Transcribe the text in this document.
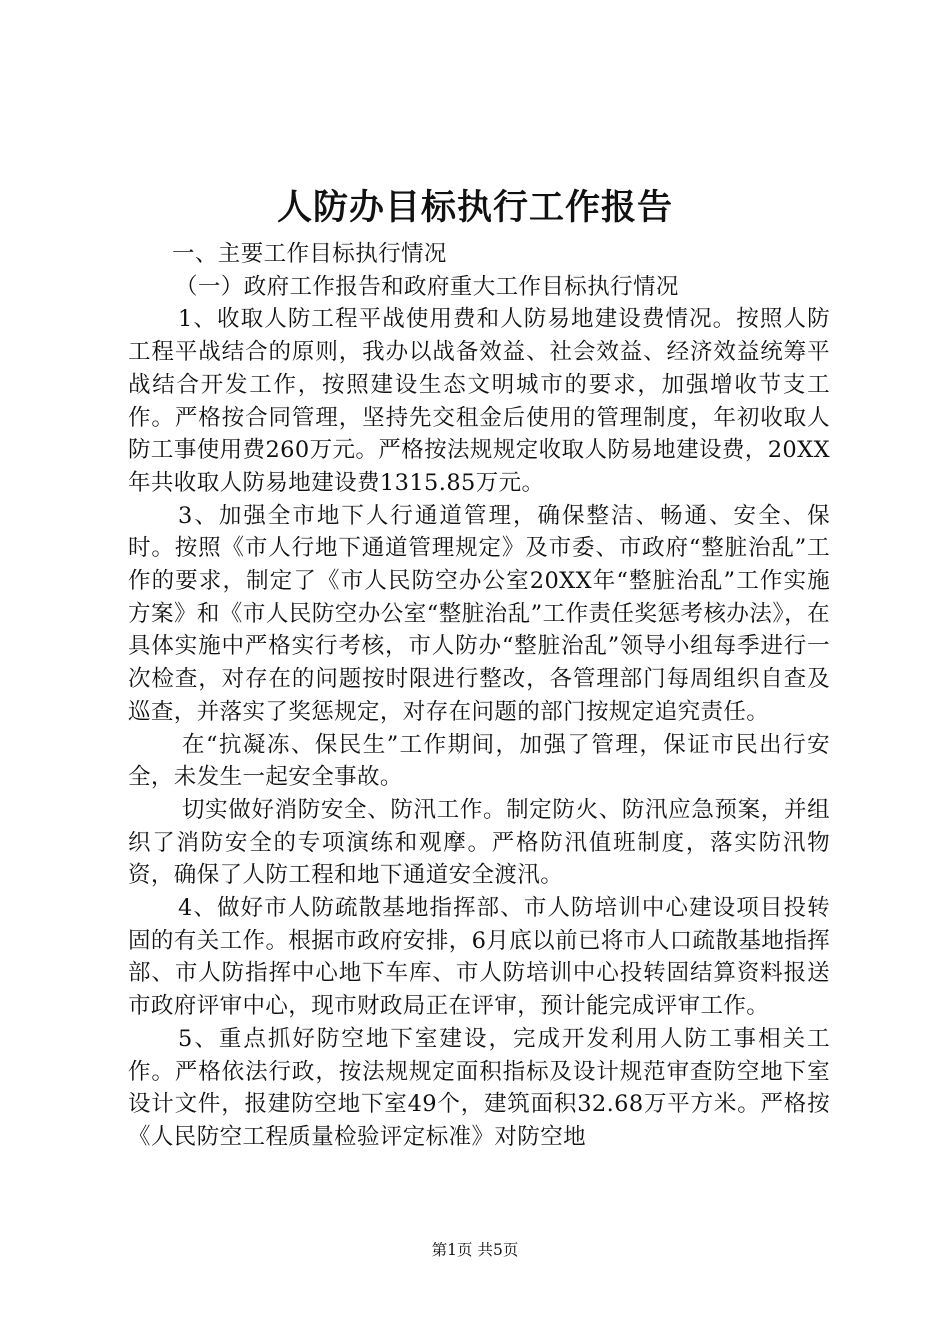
人防办目标执行工作报告

一、主要工作目标执行情况

（一）政府工作报告和政府重大工作目标执行情况

1、收取人防工程平战使用费和人防易地建设费情况。按照人防工程平战结合的原则，我办以战备效益、社会效益、经济效益统筹平战结合开发工作，按照建设生态文明城市的要求，加强增收节支工作。严格按合同管理，坚持先交租金后使用的管理制度，年初收取人防工事使用费260万元。严格按法规规定收取人防易地建设费，20XX年共收取人防易地建设费1315.85万元。

3、加强全市地下人行通道管理，确保整洁、畅通、安全、保时。按照《市人行地下通道管理规定》及市委、市政府“整脏治乱”工作的要求，制定了《市人民防空办公室20XX年“整脏治乱”工作实施方案》和《市人民防空办公室“整脏治乱”工作责任奖惩考核办法》，在具体实施中严格实行考核，市人防办“整脏治乱”领导小组每季进行一次检查，对存在的问题按时限进行整改，各管理部门每周组织自查及巡查，并落实了奖惩规定，对存在问题的部门按规定追究责任。

在“抗凝冻、保民生”工作期间，加强了管理，保证市民出行安全，未发生一起安全事故。

切实做好消防安全、防汛工作。制定防火、防汛应急预案，并组织了消防安全的专项演练和观摩。严格防汛值班制度，落实防汛物资，确保了人防工程和地下通道安全渡汛。

4、做好市人防疏散基地指挥部、市人防培训中心建设项目投转固的有关工作。根据市政府安排，6月底以前已将市人口疏散基地指挥部、市人防指挥中心地下车库、市人防培训中心投转固结算资料报送市政府评审中心，现市财政局正在评审，预计能完成评审工作。

5、重点抓好防空地下室建设，完成开发利用人防工事相关工作。严格依法行政，按法规规定面积指标及设计规范审查防空地下室设计文件，报建防空地下室49个，建筑面积32.68万平方米。严格按《人民防空工程质量检验评定标准》对防空地

第1页 共5页
